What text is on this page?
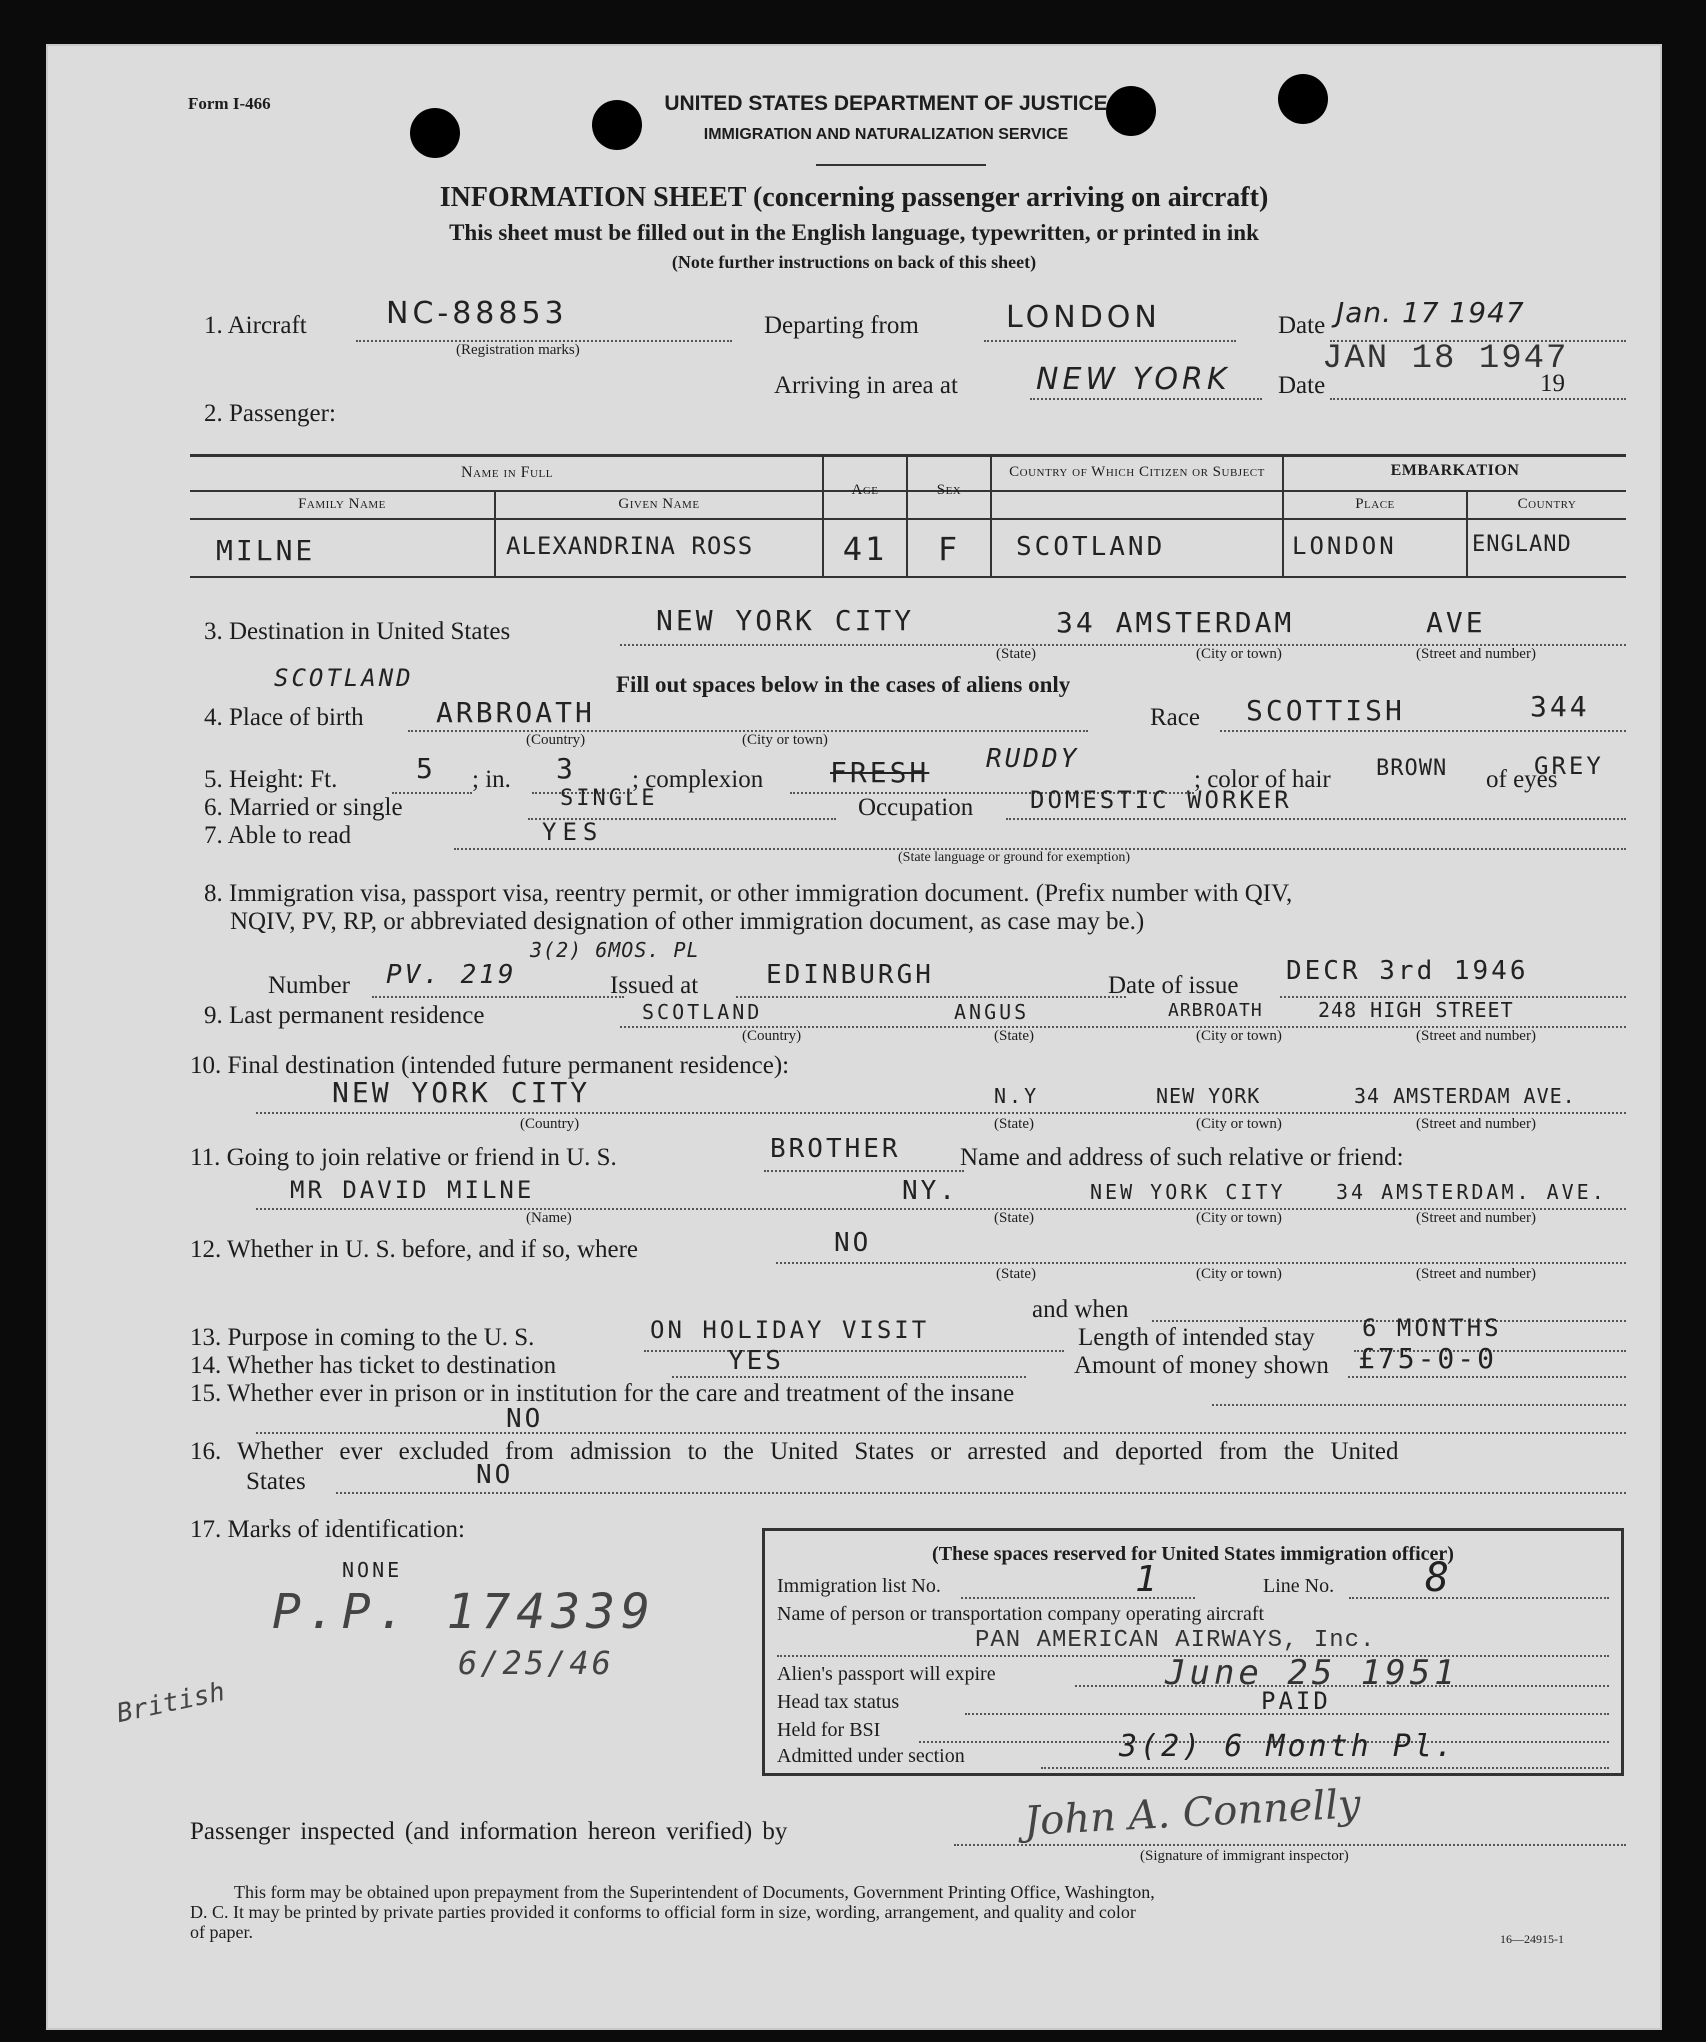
Form I-466	UNITED STATES DEPARTMENT OF JUSTICE
IMMIGRATION AND NATURALIZATION SERVICE
INFORMATION SHEET (concerning passenger arriving on aircraft)
This sheet must be filled out in the English language, typewritten, or printed in ink
(Note further instructions on back of this sheet)
1. Aircraft	NC-88853
(Registration marks)
Departing from	LONDON	Date Jan. 17 1947
Arriving in area at	NEW YORK Date
JAN 18 1947
19
2. Passenger:
Name in Full
Family Name	Given Name
Age	Sex
Country of Which Citizen or Subject	EMBARKATION
Place	Country
MILNE	ALEXANDRINA ROSS	41	F	SCOTLAND	LONDON	ENGLAND
3. Destination in United States	NEW YORK CITY	34 AMSTERDAM	AVE
(State)	(City or town)	(Street and number)
SCOTLAND	Fill out spaces below in the cases of aliens only
4. Place of birth	ARBROATH
(Country)	(City or town)
Race SCOTTISH	344
5. Height: Ft.	5 ; in. 3 ; complexion FRESH RUDDY
; color of hair BROWN of eyes
GREY
6. Married or single	SINGLE	Occupation DOMESTIC WORKER
7. Able to read	YES
(State language or ground for exemption)
8. Immigration visa, passport visa, reentry permit, or other immigration document. (Prefix number with QIV,
NQIV, PV, RP, or abbreviated designation of other immigration document, as case may be.)
Number PV. 219
3(2) 6MOS. PL
Issued at	EDINBURGH	Date of issue DECR 3rd 1946
9. Last permanent residence	SCOTLAND	ANGUS	ARBROATH	248 HIGH STREET
(Country)	(State)	(City or town)	(Street and number)
10. Final destination (intended future permanent residence):
NEW YORK CITY	N.Y	NEW YORK	34 AMSTERDAM AVE.
(Country)	(State)	(City or town)	(Street and number)
11. Going to join relative or friend in U. S.	BROTHER Name and address of such relative or friend:
MR DAVID MILNE	NY.	NEW YORK CITY	34 AMSTERDAM. AVE.
(Name)	(State)	(City or town)	(Street and number)
12. Whether in U. S. before, and if so, where	NO
(State)	(City or town)	(Street and number)
and when
13. Purpose in coming to the U. S.	ON HOLIDAY VISIT	Length of intended stay 6 MONTHS
14. Whether has ticket to destination	YES	Amount of money shown £75-0-0
15. Whether ever in prison or in institution for the care and treatment of the insane
NO
16. Whether ever excluded from admission to the United States or arrested and deported from the United
States	NO
17. Marks of identification:
NONE
P.P. 174339
6/25/46
British
(These spaces reserved for United States immigration officer)
Immigration list No.	1	Line No. 8
Name of person or transportation company operating aircraft
PAN AMERICAN AIRWAYS, Inc.
Alien's passport will expire	June 25 1951
Head tax status	PAID
Held for BSI
Admitted under section	3(2) 6 Month Pl.
Passenger inspected (and information hereon verified) by	John A. Connelly
(Signature of immigrant inspector)
This form may be obtained upon prepayment from the Superintendent of Documents, Government Printing Office, Washington,
D. C. It may be printed by private parties provided it conforms to official form in size, wording, arrangement, and quality and color
of paper.	16—24915-1
